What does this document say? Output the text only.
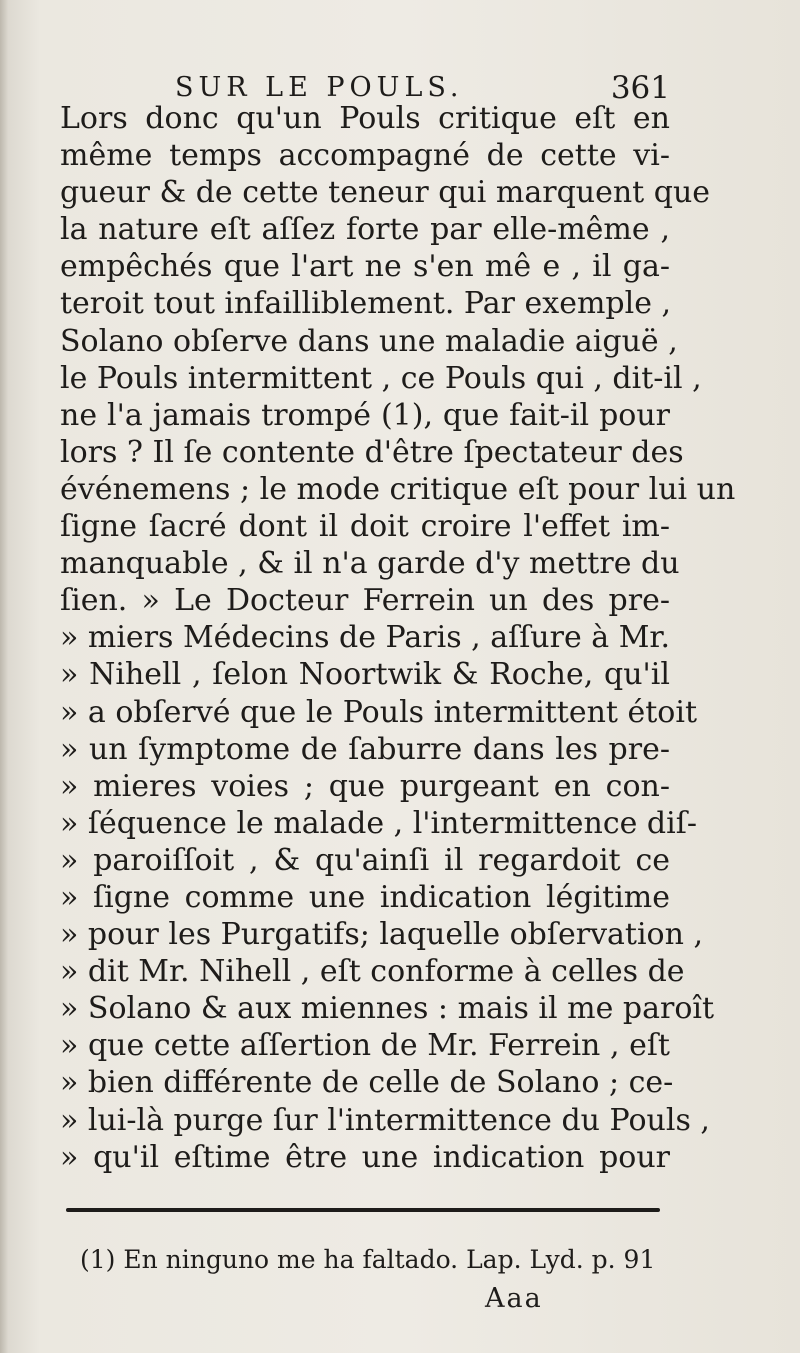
SUR LE POULS.	361
Lors donc qu'un Pouls critique eſt en
même temps accompagné de cette vi-
gueur & de cette teneur qui marquent que
la nature eſt aſſez forte par elle-même ,
empêchés que l'art ne s'en mê e , il ga-
teroit tout infailliblement. Par exemple ,
Solano obſerve dans une maladie aiguë ,
le Pouls intermittent , ce Pouls qui , dit-il ,
ne l'a jamais trompé (1), que fait-il pour
lors ? Il ſe contente d'être ſpectateur des
événemens ; le mode critique eſt pour lui un
ſigne ſacré dont il doit croire l'effet im-
manquable , & il n'a garde d'y mettre du
ſien. » Le Docteur Ferrein un des pre-
» miers Médecins de Paris , aſſure à Mr.
» Nihell , ſelon Noortwik & Roche, qu'il
» a obſervé que le Pouls intermittent étoit
» un ſymptome de ſaburre dans les pre-
» mieres voies ; que purgeant en con-
» ſéquence le malade , l'intermittence diſ-
» paroiſſoit , & qu'ainſi il regardoit ce
» ſigne comme une indication légitime
» pour les Purgatifs; laquelle obſervation ,
» dit Mr. Nihell , eſt conforme à celles de
» Solano & aux miennes : mais il me paroît
» que cette aſſertion de Mr. Ferrein , eſt
» bien différente de celle de Solano ; ce-
» lui-là purge ſur l'intermittence du Pouls ,
» qu'il eſtime être une indication pour
(1) En ninguno me ha faltado. Lap. Lyd. p. 91
Aaa
